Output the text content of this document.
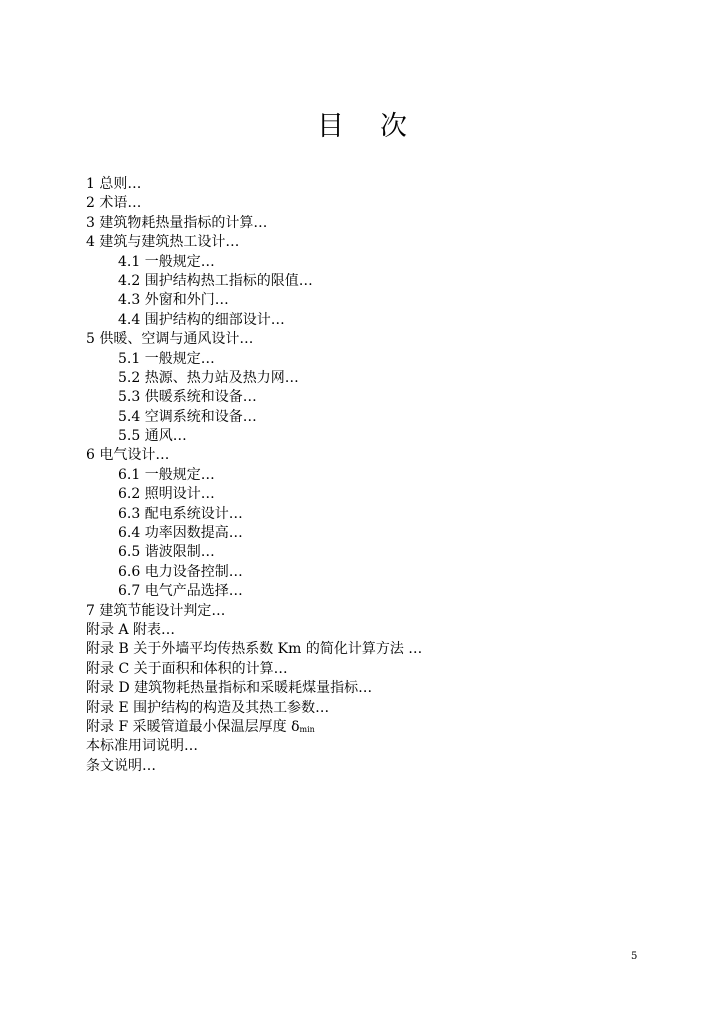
目 次
1 总则…
2 术语…
3 建筑物耗热量指标的计算…
4 建筑与建筑热工设计…
4.1 一般规定…
4.2 围护结构热工指标的限值…
4.3 外窗和外门…
4.4 围护结构的细部设计…
5 供暖、空调与通风设计…
5.1 一般规定…
5.2 热源、热力站及热力网…
5.3 供暖系统和设备…
5.4 空调系统和设备…
5.5 通风…
6 电气设计…
6.1 一般规定…
6.2 照明设计…
6.3 配电系统设计…
6.4 功率因数提高…
6.5 谐波限制…
6.6 电力设备控制…
6.7 电气产品选择…
7 建筑节能设计判定…
附录 A 附表…
附录 B 关于外墙平均传热系数 Km 的简化计算方法 …
附录 C 关于面积和体积的计算…
附录 D 建筑物耗热量指标和采暖耗煤量指标…
附录 E 围护结构的构造及其热工参数…
附录 F 采暖管道最小保温层厚度 $\delta_{min}$
本标准用词说明…
条文说明…
5
